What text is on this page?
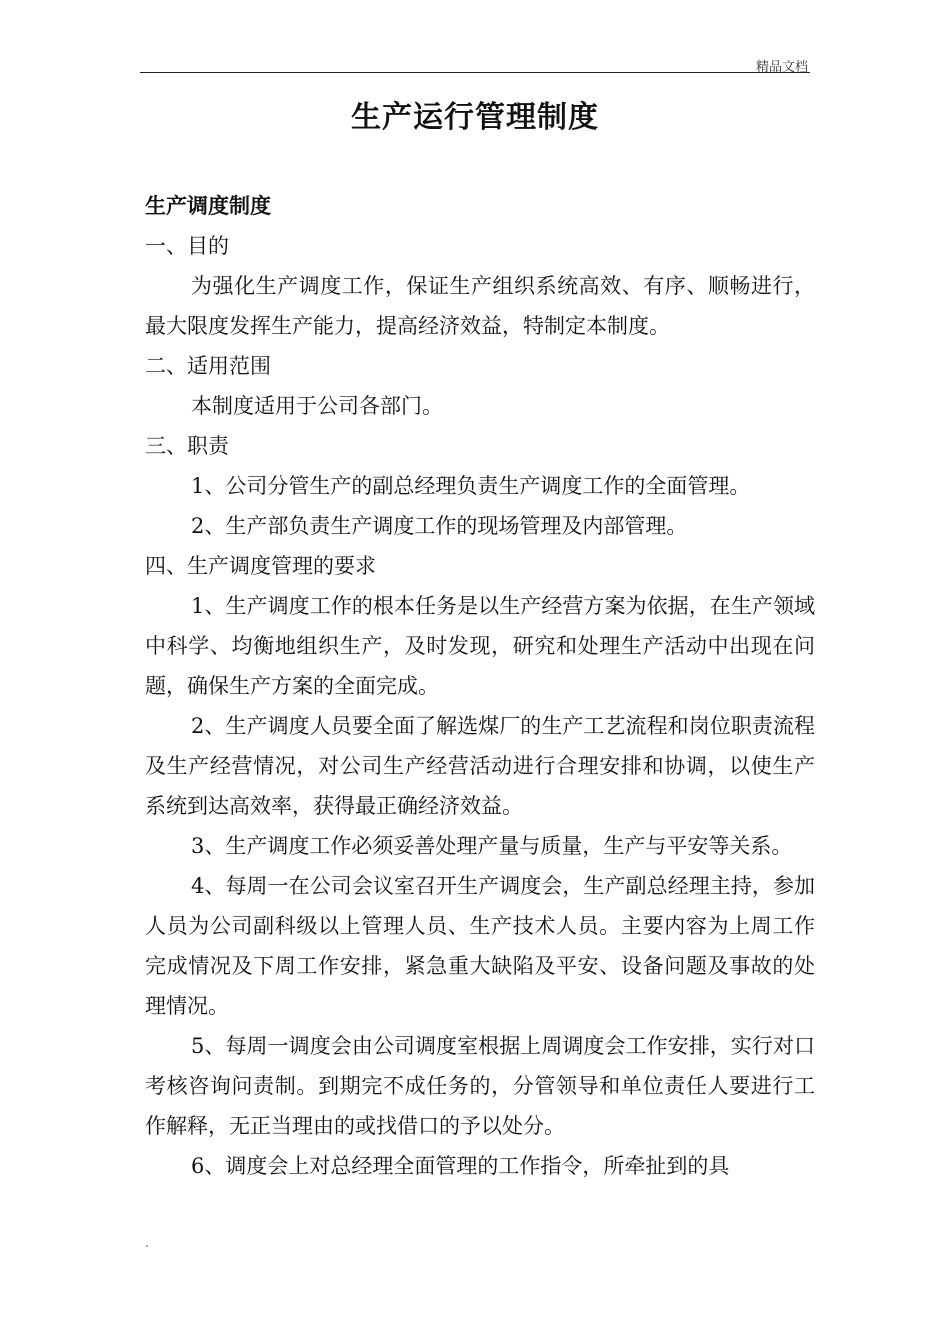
精品文档
生产运行管理制度

生产调度制度

一、目的

为强化生产调度工作，保证生产组织系统高效、有序、顺畅进行，最大限度发挥生产能力，提高经济效益，特制定本制度。

二、适用范围

本制度适用于公司各部门。

三、职责

1、公司分管生产的副总经理负责生产调度工作的全面管理。

2、生产部负责生产调度工作的现场管理及内部管理。

四、生产调度管理的要求

1、生产调度工作的根本任务是以生产经营方案为依据，在生产领域中科学、均衡地组织生产，及时发现，研究和处理生产活动中出现在问题，确保生产方案的全面完成。

2、生产调度人员要全面了解选煤厂的生产工艺流程和岗位职责流程及生产经营情况，对公司生产经营活动进行合理安排和协调，以使生产系统到达高效率，获得最正确经济效益。

3、生产调度工作必须妥善处理产量与质量，生产与平安等关系。

4、每周一在公司会议室召开生产调度会，生产副总经理主持，参加人员为公司副科级以上管理人员、生产技术人员。主要内容为上周工作完成情况及下周工作安排，紧急重大缺陷及平安、设备问题及事故的处理情况。

5、每周一调度会由公司调度室根据上周调度会工作安排，实行对口考核咨询问责制。到期完不成任务的，分管领导和单位责任人要进行工作解释，无正当理由的或找借口的予以处分。

6、调度会上对总经理全面管理的工作指令，所牵扯到的具

.
